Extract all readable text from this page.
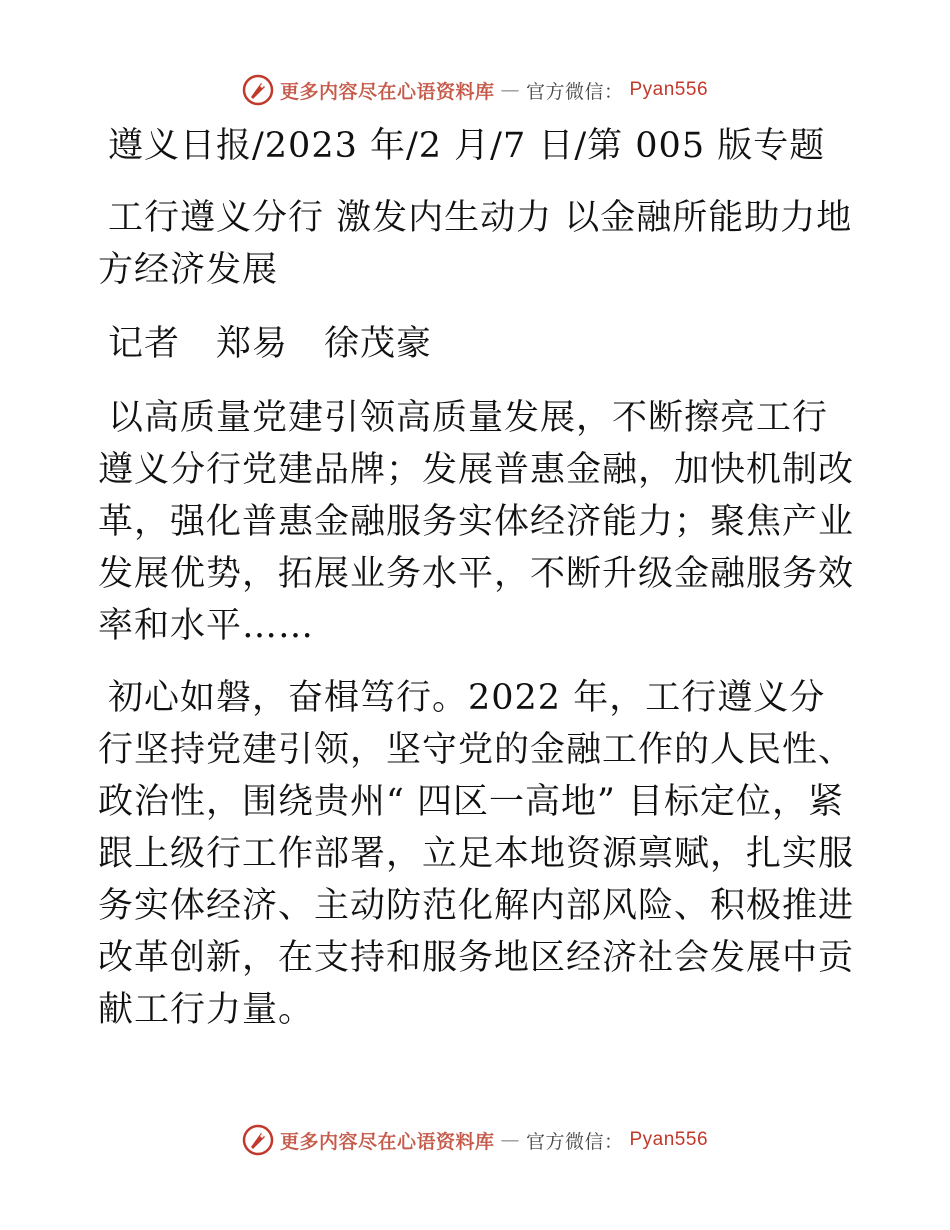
更多内容尽在心语资料库 — 官方微信： Pyan556

遵义日报/2023 年/2 月/7 日/第 005 版专题

工行遵义分行 激发内生动力 以金融所能助力地方经济发展

记者　郑易　徐茂豪

以高质量党建引领高质量发展，不断擦亮工行遵义分行党建品牌；发展普惠金融，加快机制改革，强化普惠金融服务实体经济能力；聚焦产业发展优势，拓展业务水平，不断升级金融服务效率和水平……

初心如磐，奋楫笃行。2022 年，工行遵义分行坚持党建引领，坚守党的金融工作的人民性、政治性，围绕贵州“ 四区一高地” 目标定位，紧跟上级行工作部署，立足本地资源禀赋，扎实服务实体经济、主动防范化解内部风险、积极推进改革创新，在支持和服务地区经济社会发展中贡献工行力量。

更多内容尽在心语资料库 — 官方微信： Pyan556
